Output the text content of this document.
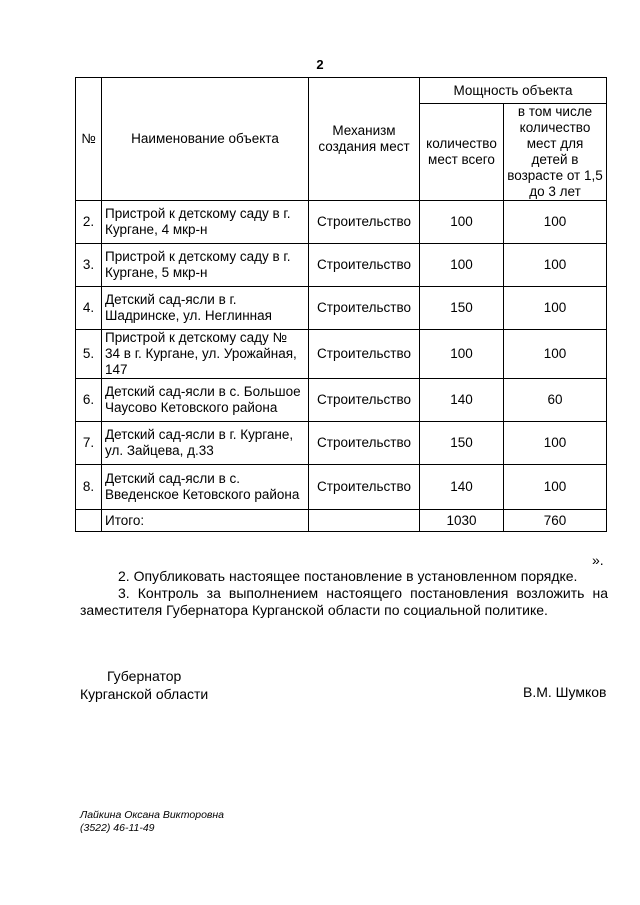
2
№	Наименование объекта	Механизм создания мест	Мощность объекта	
			количество мест всего	в том числе количество мест для детей в возрасте от 1,5 до 3 лет
2.	Пристрой к детскому саду в г. Кургане, 4 мкр-н	Строительство	100	100
3.	Пристрой к детскому саду в г. Кургане, 5 мкр-н	Строительство	100	100
4.	Детский сад-ясли в г. Шадринске, ул. Неглинная	Строительство	150	100
5.	Пристрой к детскому саду № 34 в г. Кургане, ул. Урожайная, 147	Строительство	100	100
6.	Детский сад-ясли в с. Большое Чаусово Кетовского района	Строительство	140	60
7.	Детский сад-ясли в г. Кургане, ул. Зайцева, д.33	Строительство	150	100
8.	Детский сад-ясли в с. Введенское Кетовского района	Строительство	140	100
	Итого:		1030	760
».
2. Опубликовать настоящее постановление в установленном порядке.
3. Контроль за выполнением настоящего постановления возложить на заместителя Губернатора Курганской области по социальной политике.
Губернатор
Курганской области	В.М. Шумков
Лайкина Оксана Викторовна
(3522) 46-11-49
